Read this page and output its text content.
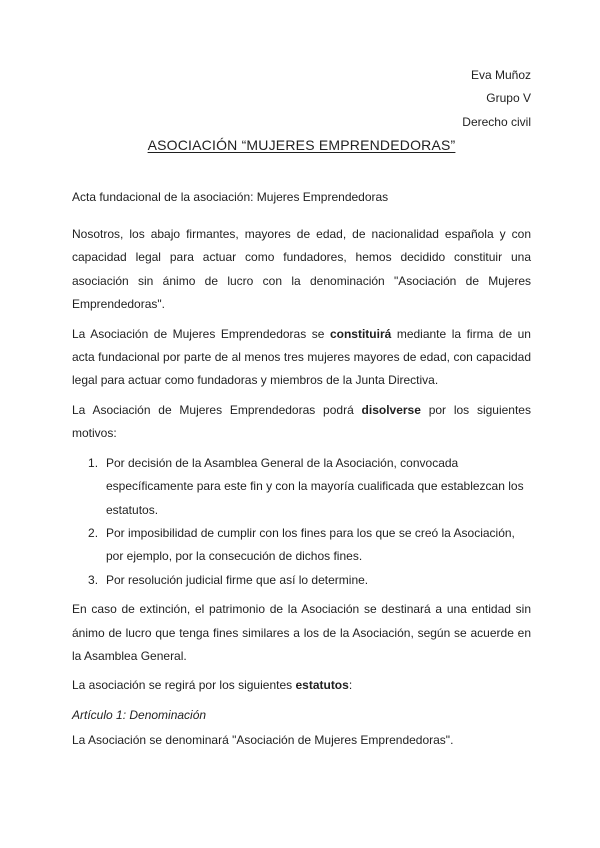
Eva Muñoz
Grupo V
Derecho civil
ASOCIACIÓN “MUJERES EMPRENDEDORAS”

Acta fundacional de la asociación: Mujeres Emprendedoras

Nosotros, los abajo firmantes, mayores de edad, de nacionalidad española y con capacidad legal para actuar como fundadores, hemos decidido constituir una asociación sin ánimo de lucro con la denominación "Asociación de Mujeres Emprendedoras".

La Asociación de Mujeres Emprendedoras se constituirá mediante la firma de un acta fundacional por parte de al menos tres mujeres mayores de edad, con capacidad legal para actuar como fundadoras y miembros de la Junta Directiva.

La Asociación de Mujeres Emprendedoras podrá disolverse por los siguientes motivos:

Por decisión de la Asamblea General de la Asociación, convocada específicamente para este fin y con la mayoría cualificada que establezcan los estatutos.
Por imposibilidad de cumplir con los fines para los que se creó la Asociación, por ejemplo, por la consecución de dichos fines.
Por resolución judicial firme que así lo determine.

En caso de extinción, el patrimonio de la Asociación se destinará a una entidad sin ánimo de lucro que tenga fines similares a los de la Asociación, según se acuerde en la Asamblea General.

La asociación se regirá por los siguientes estatutos:

Artículo 1: Denominación

La Asociación se denominará "Asociación de Mujeres Emprendedoras".
